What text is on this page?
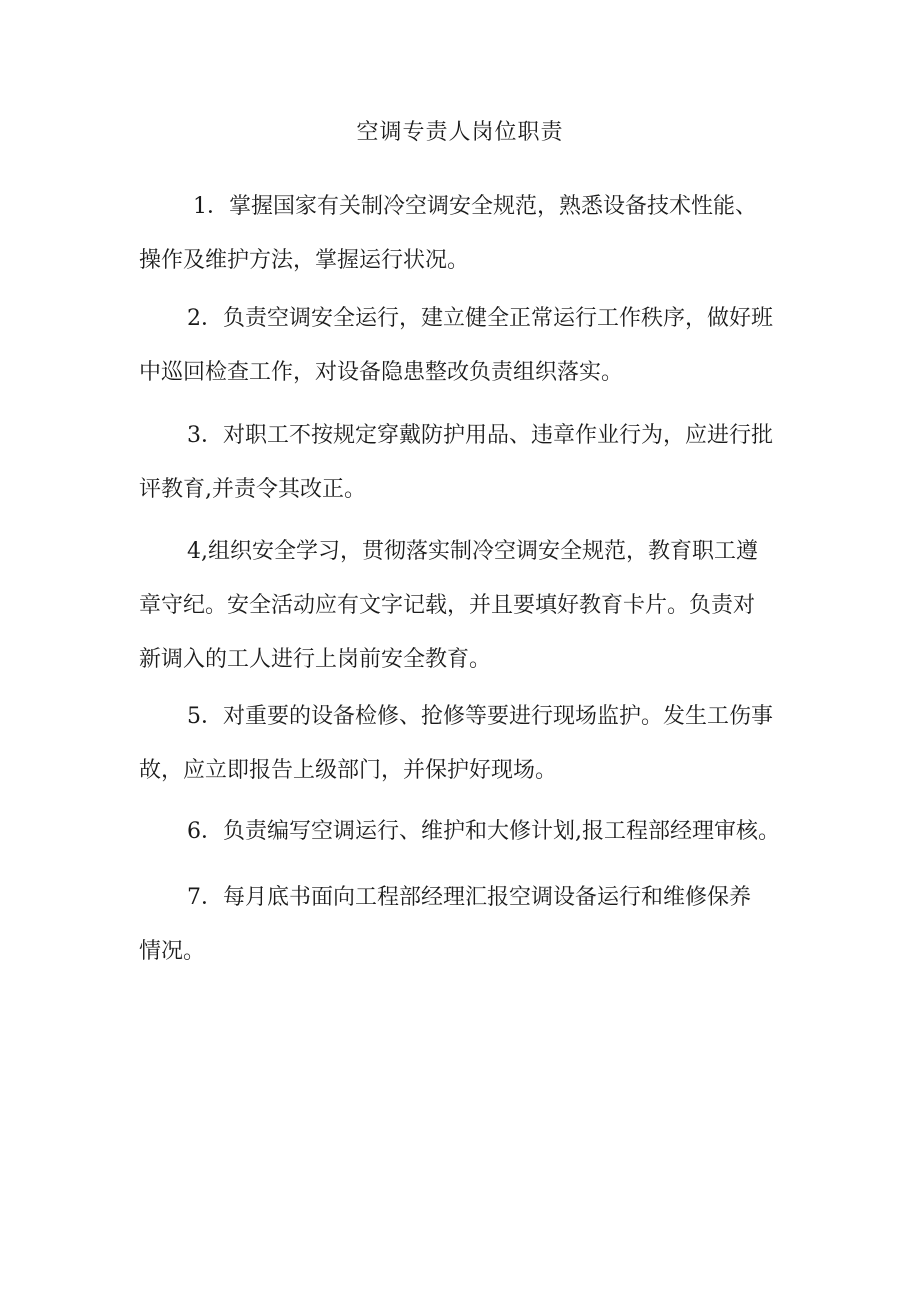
空调专责人岗位职责

1．掌握国家有关制冷空调安全规范，熟悉设备技术性能、
操作及维护方法，掌握运行状况。

2．负责空调安全运行，建立健全正常运行工作秩序，做好班
中巡回检查工作，对设备隐患整改负责组织落实。

3．对职工不按规定穿戴防护用品、违章作业行为，应进行批
评教育,并责令其改正。

4,组织安全学习，贯彻落实制冷空调安全规范，教育职工遵
章守纪。安全活动应有文字记载，并且要填好教育卡片。负责对
新调入的工人进行上岗前安全教育。

5．对重要的设备检修、抢修等要进行现场监护。发生工伤事
故，应立即报告上级部门，并保护好现场。

6．负责编写空调运行、维护和大修计划,报工程部经理审核。

7．每月底书面向工程部经理汇报空调设备运行和维修保养
情况。
